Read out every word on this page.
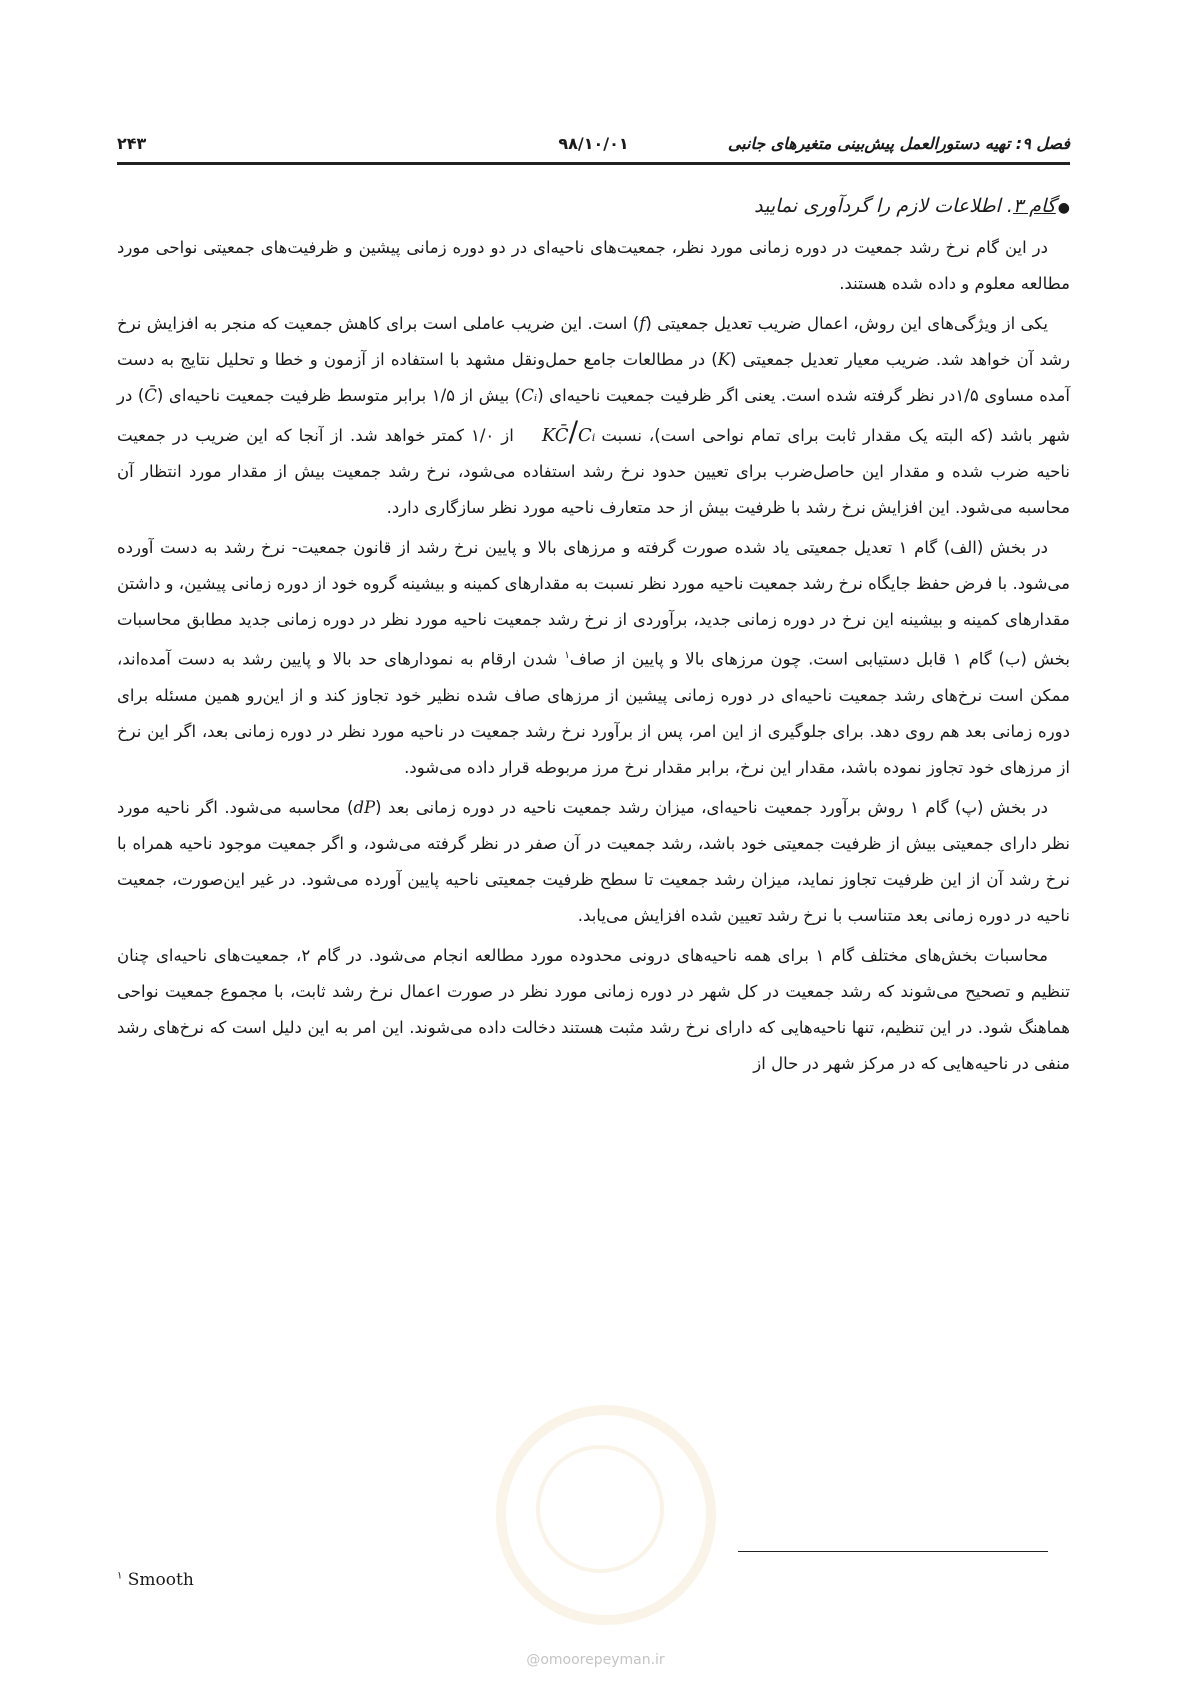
فصل ۹: تهیه دستورالعمل پیش‌بینی متغیرهای جانبی
۹۸/۱۰/۰۱
۲۴۳
●گام ۳. اطلاعات لازم را گردآوری نمایید

در این گام نرخ رشد جمعیت در دوره زمانی مورد نظر، جمعیت‌های ناحیه‌ای در دو دوره زمانی پیشین و ظرفیت‌های جمعیتی نواحی مورد مطالعه معلوم و داده شده هستند.

یکی از ویژگی‌های این روش، اعمال ضریب تعدیل جمعیتی (f) است. این ضریب عاملی است برای کاهش جمعیت که منجر به افزایش نرخ رشد آن خواهد شد. ضریب معیار تعدیل جمعیتی (K) در مطالعات جامع حمل‌ونقل مشهد با استفاده از آزمون و خطا و تحلیل نتایج به دست آمده مساوی ۱/۵در نظر گرفته شده است. یعنی اگر ظرفیت جمعیت ناحیه‌ای (Cᵢ) بیش از ۱/۵ برابر متوسط ظرفیت جمعیت ناحیه‌ای (C̄) در شهر باشد (که البته یک مقدار ثابت برای تمام نواحی است)، نسبتKC̄/Cᵢاز ۱/۰ کمتر خواهد شد. از آنجا که این ضریب در جمعیت ناحیه ضرب شده و مقدار این حاصل‌ضرب برای تعیین حدود نرخ رشد استفاده می‌شود، نرخ رشد جمعیت بیش از مقدار مورد انتظار آن محاسبه می‌شود. این افزایش نرخ رشد با ظرفیت بیش از حد متعارف ناحیه مورد نظر سازگاری دارد.

در بخش (الف) گام ۱ تعدیل جمعیتی یاد شده صورت گرفته و مرزهای بالا و پایین نرخ رشد از قانون جمعیت- نرخ رشد به دست آورده می‌شود. با فرض حفظ جایگاه نرخ رشد جمعیت ناحیه مورد نظر نسبت به مقدارهای کمینه و بیشینه گروه خود از دوره زمانی پیشین، و داشتن مقدارهای کمینه و بیشینه این نرخ در دوره زمانی جدید، برآوردی از نرخ رشد جمعیت ناحیه مورد نظر در دوره زمانی جدید مطابق محاسبات بخش (ب) گام ۱ قابل دستیابی است. چون مرزهای بالا و پایین از صاف$^۱$ شدن ارقام به نمودارهای حد بالا و پایین رشد به دست آمده‌اند، ممکن است نرخ‌های رشد جمعیت ناحیه‌ای در دوره زمانی پیشین از مرزهای صاف شده نظیر خود تجاوز کند و از این‌رو همین مسئله برای دوره زمانی بعد هم روی دهد. برای جلوگیری از این امر، پس از برآورد نرخ رشد جمعیت در ناحیه مورد نظر در دوره زمانی بعد، اگر این نرخ از مرزهای خود تجاوز نموده باشد، مقدار این نرخ، برابر مقدار نرخ مرز مربوطه قرار داده می‌شود.

در بخش (پ) گام ۱ روش برآورد جمعیت ناحیه‌ای، میزان رشد جمعیت ناحیه در دوره زمانی بعد (dP) محاسبه می‌شود. اگر ناحیه مورد نظر دارای جمعیتی بیش از ظرفیت جمعیتی خود باشد، رشد جمعیت در آن صفر در نظر گرفته می‌شود، و اگر جمعیت موجود ناحیه همراه با نرخ رشد آن از این ظرفیت تجاوز نماید، میزان رشد جمعیت تا سطح ظرفیت جمعیتی ناحیه پایین آورده می‌شود. در غیر این‌صورت، جمعیت ناحیه در دوره زمانی بعد متناسب با نرخ رشد تعیین شده افزایش می‌یابد.

محاسبات بخش‌های مختلف گام ۱ برای همه ناحیه‌های درونی محدوده مورد مطالعه انجام می‌شود. در گام ۲، جمعیت‌های ناحیه‌ای چنان تنظیم و تصحیح می‌شوند که رشد جمعیت در کل شهر در دوره زمانی مورد نظر در صورت اعمال نرخ رشد ثابت، با مجموع جمعیت نواحی هماهنگ شود. در این تنظیم، تنها ناحیه‌هایی که دارای نرخ رشد مثبت هستند دخالت داده می‌شوند. این امر به این دلیل است که نرخ‌های رشد منفی در ناحیه‌هایی که در مرکز شهر در حال از

$^۱$ Smooth
@omoorepeyman.ir
